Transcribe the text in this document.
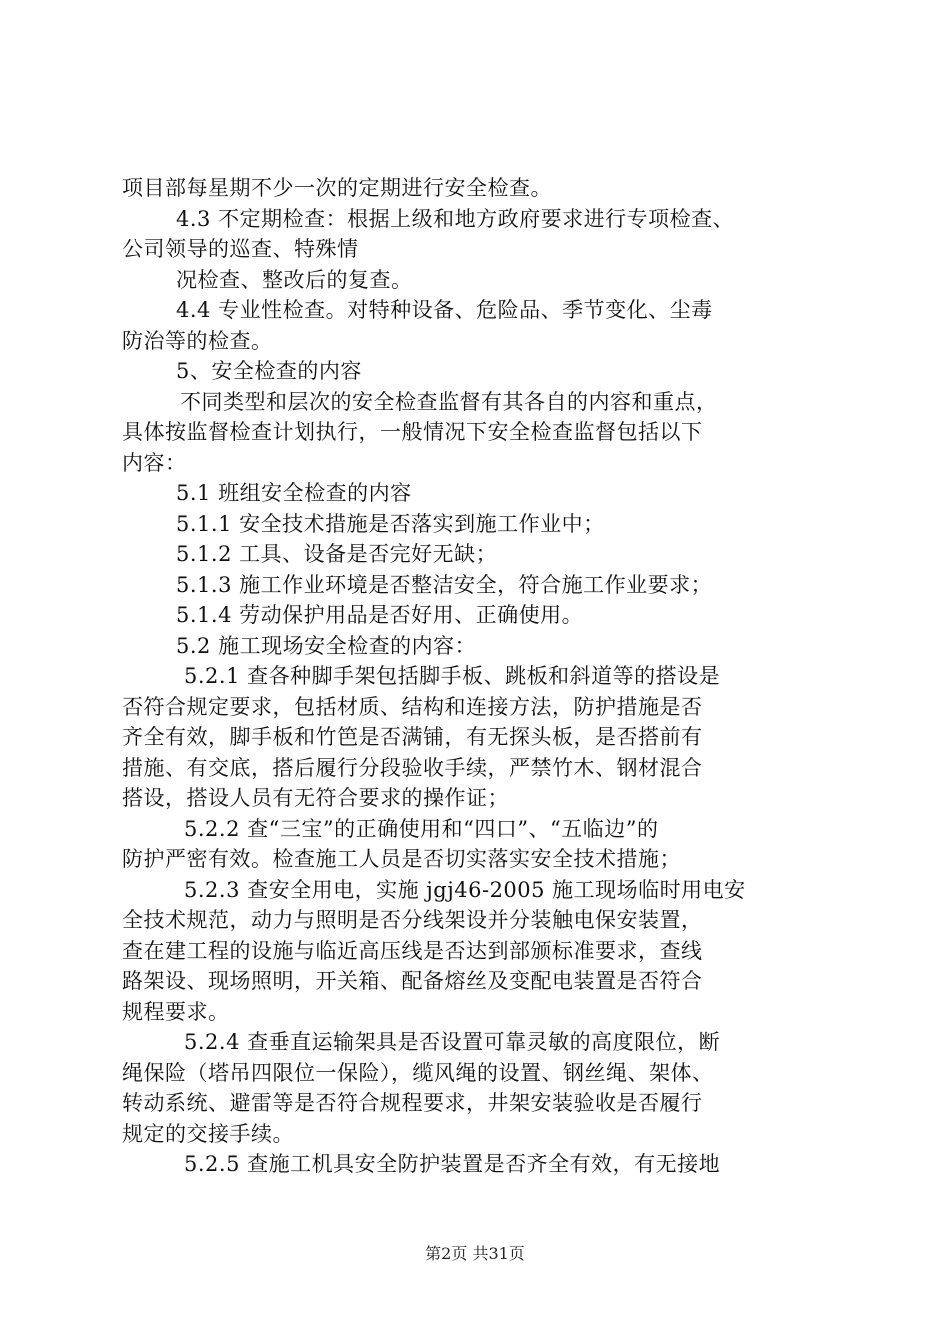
项目部每星期不少一次的定期进行安全检查。
4.3 不定期检查：根据上级和地方政府要求进行专项检查、
公司领导的巡查、特殊情
况检查、整改后的复查。
4.4 专业性检查。对特种设备、危险品、季节变化、尘毒
防治等的检查。
5、安全检查的内容
不同类型和层次的安全检查监督有其各自的内容和重点，
具体按监督检查计划执行，一般情况下安全检查监督包括以下
内容：
5.1 班组安全检查的内容
5.1.1 安全技术措施是否落实到施工作业中；
5.1.2 工具、设备是否完好无缺；
5.1.3 施工作业环境是否整洁安全，符合施工作业要求；
5.1.4 劳动保护用品是否好用、正确使用。
5.2 施工现场安全检查的内容：
5.2.1 查各种脚手架包括脚手板、跳板和斜道等的搭设是
否符合规定要求，包括材质、结构和连接方法，防护措施是否
齐全有效，脚手板和竹笆是否满铺，有无探头板，是否搭前有
措施、有交底，搭后履行分段验收手续，严禁竹木、钢材混合
搭设，搭设人员有无符合要求的操作证；
5.2.2 查“三宝”的正确使用和“四口”、“五临边”的
防护严密有效。检查施工人员是否切实落实安全技术措施；
5.2.3 查安全用电，实施 jgj46-2005 施工现场临时用电安
全技术规范，动力与照明是否分线架设并分装触电保安装置，
查在建工程的设施与临近高压线是否达到部颁标准要求，查线
路架设、现场照明，开关箱、配备熔丝及变配电装置是否符合
规程要求。
5.2.4 查垂直运输架具是否设置可靠灵敏的高度限位，断
绳保险（塔吊四限位一保险），缆风绳的设置、钢丝绳、架体、
转动系统、避雷等是否符合规程要求，井架安装验收是否履行
规定的交接手续。
5.2.5 查施工机具安全防护装置是否齐全有效，有无接地
第2页 共31页
